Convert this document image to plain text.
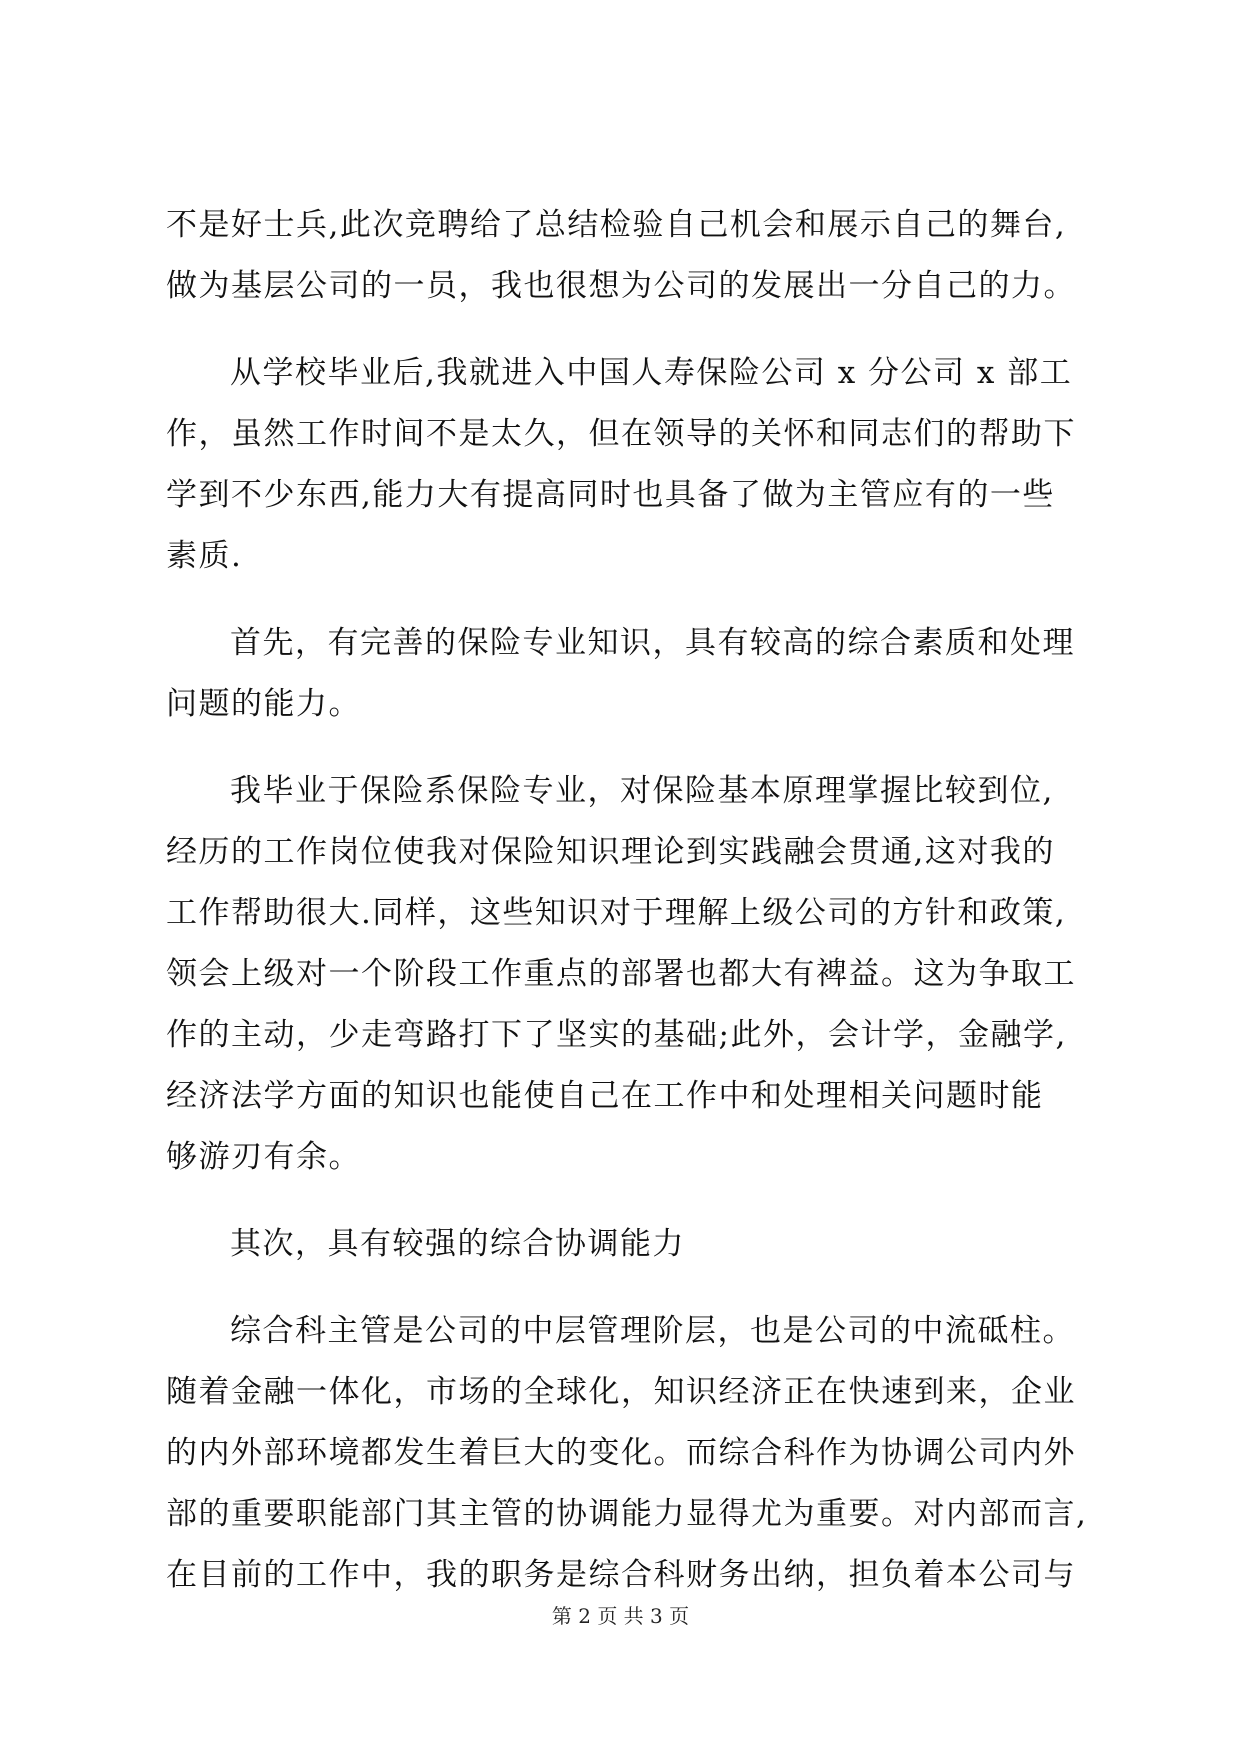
不是好士兵,此次竞聘给了总结检验自己机会和展示自己的舞台,
做为基层公司的一员，我也很想为公司的发展出一分自己的力。
从学校毕业后,我就进入中国人寿保险公司 x 分公司 x 部工
作，虽然工作时间不是太久，但在领导的关怀和同志们的帮助下
学到不少东西,能力大有提高同时也具备了做为主管应有的一些
素质.
首先，有完善的保险专业知识，具有较高的综合素质和处理
问题的能力。
我毕业于保险系保险专业，对保险基本原理掌握比较到位,
经历的工作岗位使我对保险知识理论到实践融会贯通,这对我的
工作帮助很大.同样，这些知识对于理解上级公司的方针和政策,
领会上级对一个阶段工作重点的部署也都大有裨益。这为争取工
作的主动，少走弯路打下了坚实的基础;此外，会计学，金融学,
经济法学方面的知识也能使自己在工作中和处理相关问题时能
够游刃有余。
其次，具有较强的综合协调能力
综合科主管是公司的中层管理阶层，也是公司的中流砥柱。
随着金融一体化，市场的全球化，知识经济正在快速到来，企业
的内外部环境都发生着巨大的变化。而综合科作为协调公司内外
部的重要职能部门其主管的协调能力显得尤为重要。对内部而言,
在目前的工作中，我的职务是综合科财务出纳，担负着本公司与
第 2 页 共 3 页
